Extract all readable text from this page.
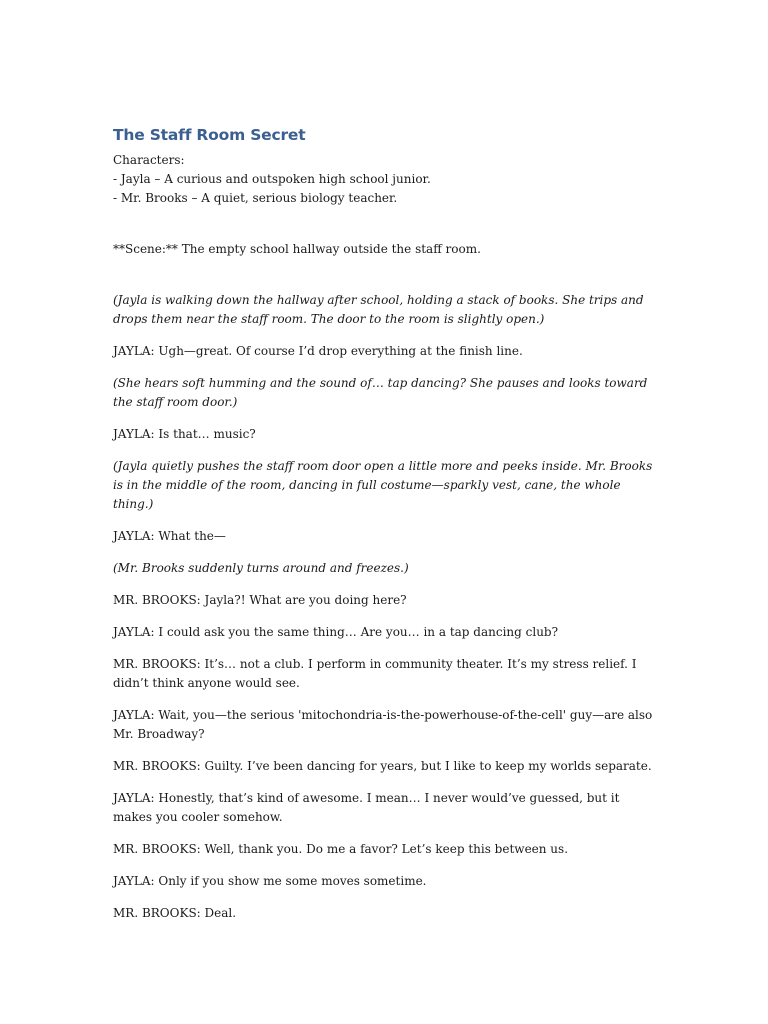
The Staff Room Secret

Characters:

- Jayla – A curious and outspoken high school junior.

- Mr. Brooks – A quiet, serious biology teacher.

**Scene:** The empty school hallway outside the staff room.

(Jayla is walking down the hallway after school, holding a stack of books. She trips and drops them near the staff room. The door to the room is slightly open.)

JAYLA: Ugh—great. Of course I’d drop everything at the finish line.

(She hears soft humming and the sound of… tap dancing? She pauses and looks toward the staff room door.)

JAYLA: Is that… music?

(Jayla quietly pushes the staff room door open a little more and peeks inside. Mr. Brooks is in the middle of the room, dancing in full costume—sparkly vest, cane, the whole thing.)

JAYLA: What the—

(Mr. Brooks suddenly turns around and freezes.)

MR. BROOKS: Jayla?! What are you doing here?

JAYLA: I could ask you the same thing… Are you… in a tap dancing club?

MR. BROOKS: It’s… not a club. I perform in community theater. It’s my stress relief. I didn’t think anyone would see.

JAYLA: Wait, you—the serious 'mitochondria-is-the-powerhouse-of-the-cell' guy—are also Mr. Broadway?

MR. BROOKS: Guilty. I’ve been dancing for years, but I like to keep my worlds separate.

JAYLA: Honestly, that’s kind of awesome. I mean… I never would’ve guessed, but it makes you cooler somehow.

MR. BROOKS: Well, thank you. Do me a favor? Let’s keep this between us.

JAYLA: Only if you show me some moves sometime.

MR. BROOKS: Deal.
